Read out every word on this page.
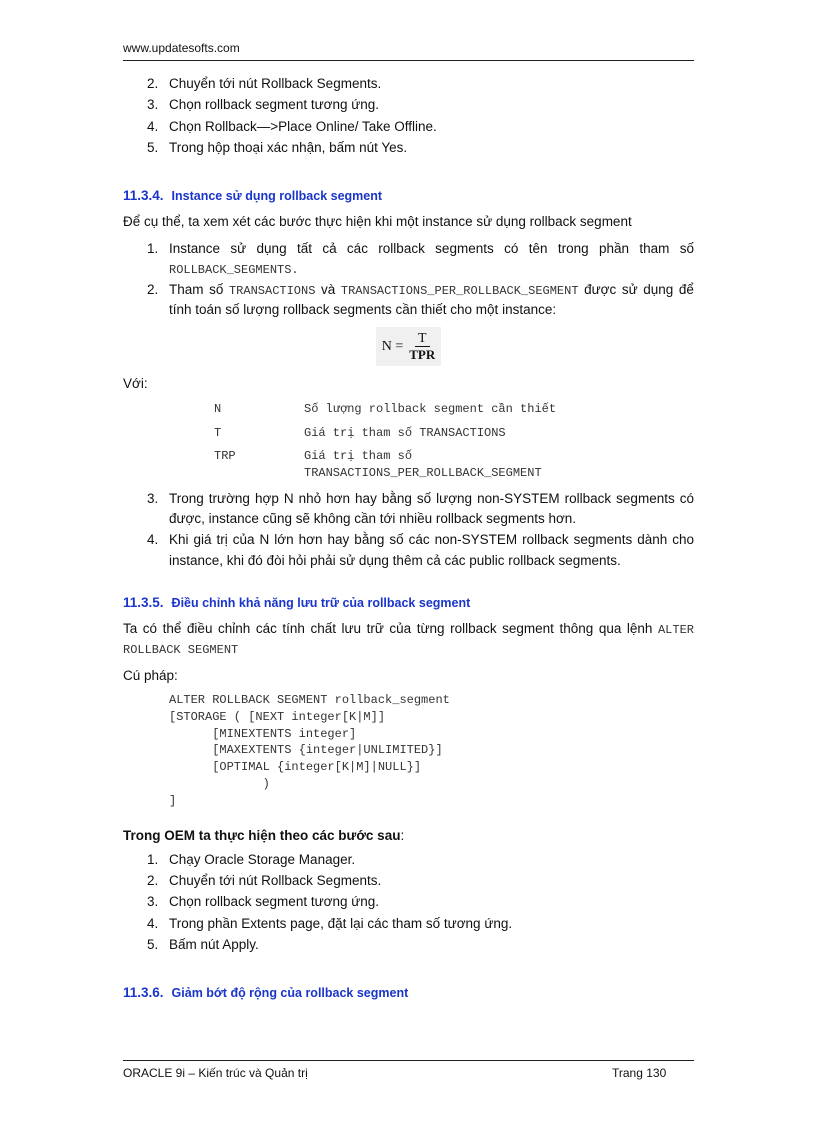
www.updatesofts.com
2. Chuyển tới nút Rollback Segments.
3. Chọn rollback segment tương ứng.
4. Chọn Rollback—>Place Online/ Take Offline.
5. Trong hộp thoại xác nhận, bấm nút Yes.
11.3.4. Instance sử dụng rollback segment

Để cụ thể, ta xem xét các bước thực hiện khi một instance sử dụng rollback segment

1. Instance sử dụng tất cả các rollback segments có tên trong phần tham số ROLLBACK_SEGMENTS.
2. Tham số TRANSACTIONS và TRANSACTIONS_PER_ROLLBACK_SEGMENT được sử dụng để tính toán số lượng rollback segments cần thiết cho một instance:
$N = \frac{T}{\text{TPR}}$

Với:

N	Số lượng rollback segment cần thiết
T	Giá trị tham số TRANSACTIONS
TRP	Giá trị tham số TRANSACTIONS_PER_ROLLBACK_SEGMENT
3. Trong trường hợp N nhỏ hơn hay bằng số lượng non-SYSTEM rollback segments có được, instance cũng sẽ không cần tới nhiều rollback segments hơn.
4. Khi giá trị của N lớn hơn hay bằng số các non-SYSTEM rollback segments dành cho instance, khi đó đòi hỏi phải sử dụng thêm cả các public rollback segments.
11.3.5. Điều chỉnh khả năng lưu trữ của rollback segment

Ta có thể điều chỉnh các tính chất lưu trữ của từng rollback segment thông qua lệnh ALTER ROLLBACK SEGMENT

Cú pháp:

ALTER ROLLBACK SEGMENT rollback_segment
[STORAGE ( [NEXT integer[K|M]]
[MINEXTENTS integer]
[MAXEXTENTS {integer|UNLIMITED}]
[OPTIMAL {integer[K|M]|NULL}]
)
]

Trong OEM ta thực hiện theo các bước sau:

1. Chạy Oracle Storage Manager.
2. Chuyển tới nút Rollback Segments.
3. Chọn rollback segment tương ứng.
4. Trong phần Extents page, đặt lại các tham số tương ứng.
5. Bấm nút Apply.
11.3.6. Giảm bớt độ rộng của rollback segment
ORACLE 9i – Kiến trúc và Quản trị	Trang 130
